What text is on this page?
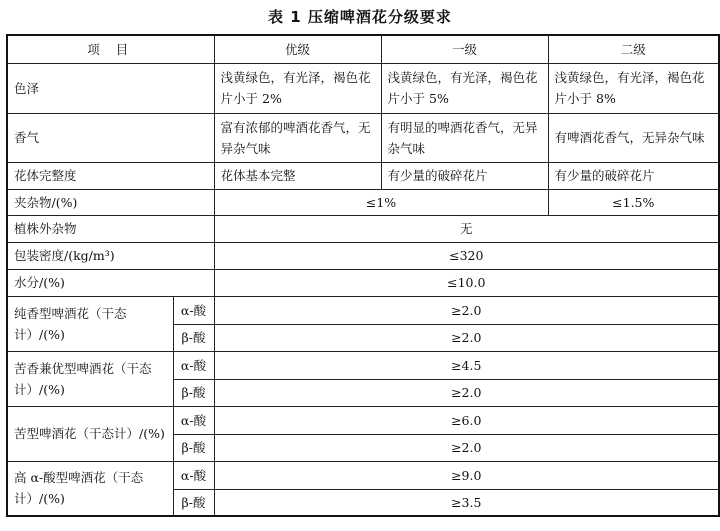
表 1 压缩啤酒花分级要求
项 目		优级	一级	二级
色泽		浅黄绿色，有光泽，褐色花片小于 2%	浅黄绿色，有光泽，褐色花片小于 5%	浅黄绿色，有光泽，褐色花片小于 8%
香气		富有浓郁的啤酒花香气，无异杂气味	有明显的啤酒花香气，无异杂气味	有啤酒花香气，无异杂气味
花体完整度		花体基本完整	有少量的破碎花片	有少量的破碎花片
夹杂物/(%)		≤1%		≤1.5%
植株外杂物		无		
包装密度/(kg/m³)		≤320		
水分/(%)		≤10.0		
纯香型啤酒花（干态计）/(%)	α-酸	≥2.0		
	β-酸	≥2.0		
苦香兼优型啤酒花（干态计）/(%)	α-酸	≥4.5		
	β-酸	≥2.0		
苦型啤酒花（干态计）/(%)	α-酸	≥6.0		
	β-酸	≥2.0		
高 α-酸型啤酒花（干态计）/(%)	α-酸	≥9.0		
	β-酸	≥3.5		
